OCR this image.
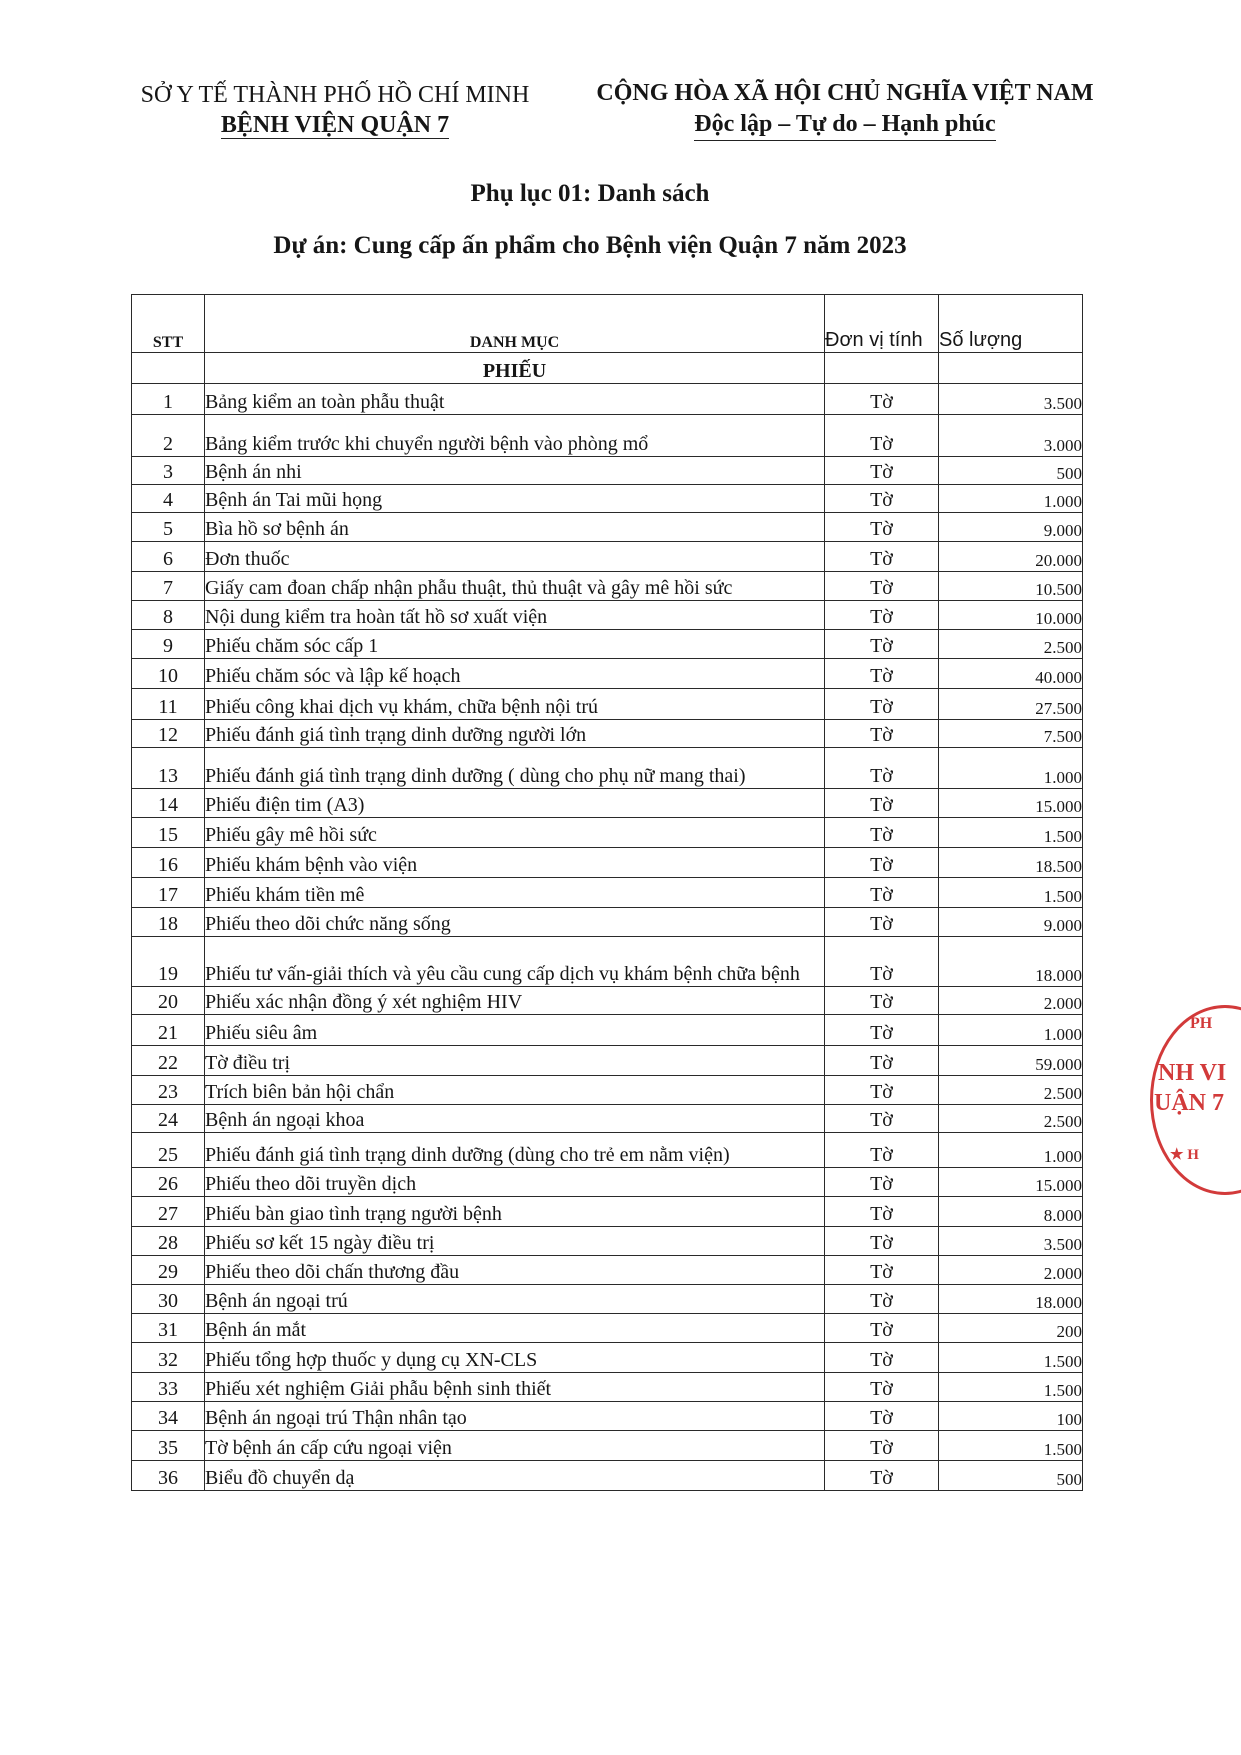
SỞ Y TẾ THÀNH PHỐ HỒ CHÍ MINH
BỆNH VIỆN QUẬN 7
CỘNG HÒA XÃ HỘI CHỦ NGHĨA VIỆT NAM
Độc lập – Tự do – Hạnh phúc
Phụ lục 01: Danh sách
Dự án: Cung cấp ấn phẩm cho Bệnh viện Quận 7 năm 2023
STT	DANH MỤC	Đơn vị tính	Số lượng
	PHIẾU		
1	Bảng kiểm an toàn phẫu thuật	Tờ	3.500
2	Bảng kiểm trước khi chuyển người bệnh vào phòng mổ	Tờ	3.000
3	Bệnh án nhi	Tờ	500
4	Bệnh án Tai mũi họng	Tờ	1.000
5	Bìa hồ sơ bệnh án	Tờ	9.000
6	Đơn thuốc	Tờ	20.000
7	Giấy cam đoan chấp nhận phẫu thuật, thủ thuật và gây mê hồi sức	Tờ	10.500
8	Nội dung kiểm tra hoàn tất hồ sơ xuất viện	Tờ	10.000
9	Phiếu chăm sóc cấp 1	Tờ	2.500
10	Phiếu chăm sóc và lập kế hoạch	Tờ	40.000
11	Phiếu công khai dịch vụ khám, chữa bệnh nội trú	Tờ	27.500
12	Phiếu đánh giá tình trạng dinh dưỡng người lớn	Tờ	7.500
13	Phiếu đánh giá tình trạng dinh dưỡng ( dùng cho phụ nữ mang thai)	Tờ	1.000
14	Phiếu điện tim (A3)	Tờ	15.000
15	Phiếu gây mê hồi sức	Tờ	1.500
16	Phiếu khám bệnh vào viện	Tờ	18.500
17	Phiếu khám tiền mê	Tờ	1.500
18	Phiếu theo dõi chức năng sống	Tờ	9.000
19	Phiếu tư vấn-giải thích và yêu cầu cung cấp dịch vụ khám bệnh chữa bệnh	Tờ	18.000
20	Phiếu xác nhận đồng ý xét nghiệm HIV	Tờ	2.000
21	Phiếu siêu âm	Tờ	1.000
22	Tờ điều trị	Tờ	59.000
23	Trích biên bản hội chẩn	Tờ	2.500
24	Bệnh án ngoại khoa	Tờ	2.500
25	Phiếu đánh giá tình trạng dinh dưỡng (dùng cho trẻ em nằm viện)	Tờ	1.000
26	Phiếu theo dõi truyền dịch	Tờ	15.000
27	Phiếu bàn giao tình trạng người bệnh	Tờ	8.000
28	Phiếu sơ kết 15 ngày điều trị	Tờ	3.500
29	Phiếu theo dõi chấn thương đầu	Tờ	2.000
30	Bệnh án ngoại trú	Tờ	18.000
31	Bệnh án mắt	Tờ	200
32	Phiếu tổng hợp thuốc y dụng cụ XN-CLS	Tờ	1.500
33	Phiếu xét nghiệm Giải phẫu bệnh sinh thiết	Tờ	1.500
34	Bệnh án ngoại trú Thận nhân tạo	Tờ	100
35	Tờ bệnh án cấp cứu ngoại viện	Tờ	1.500
36	Biểu đồ chuyển dạ	Tờ	500
PH
NH VI
UẬN 7
★ H
